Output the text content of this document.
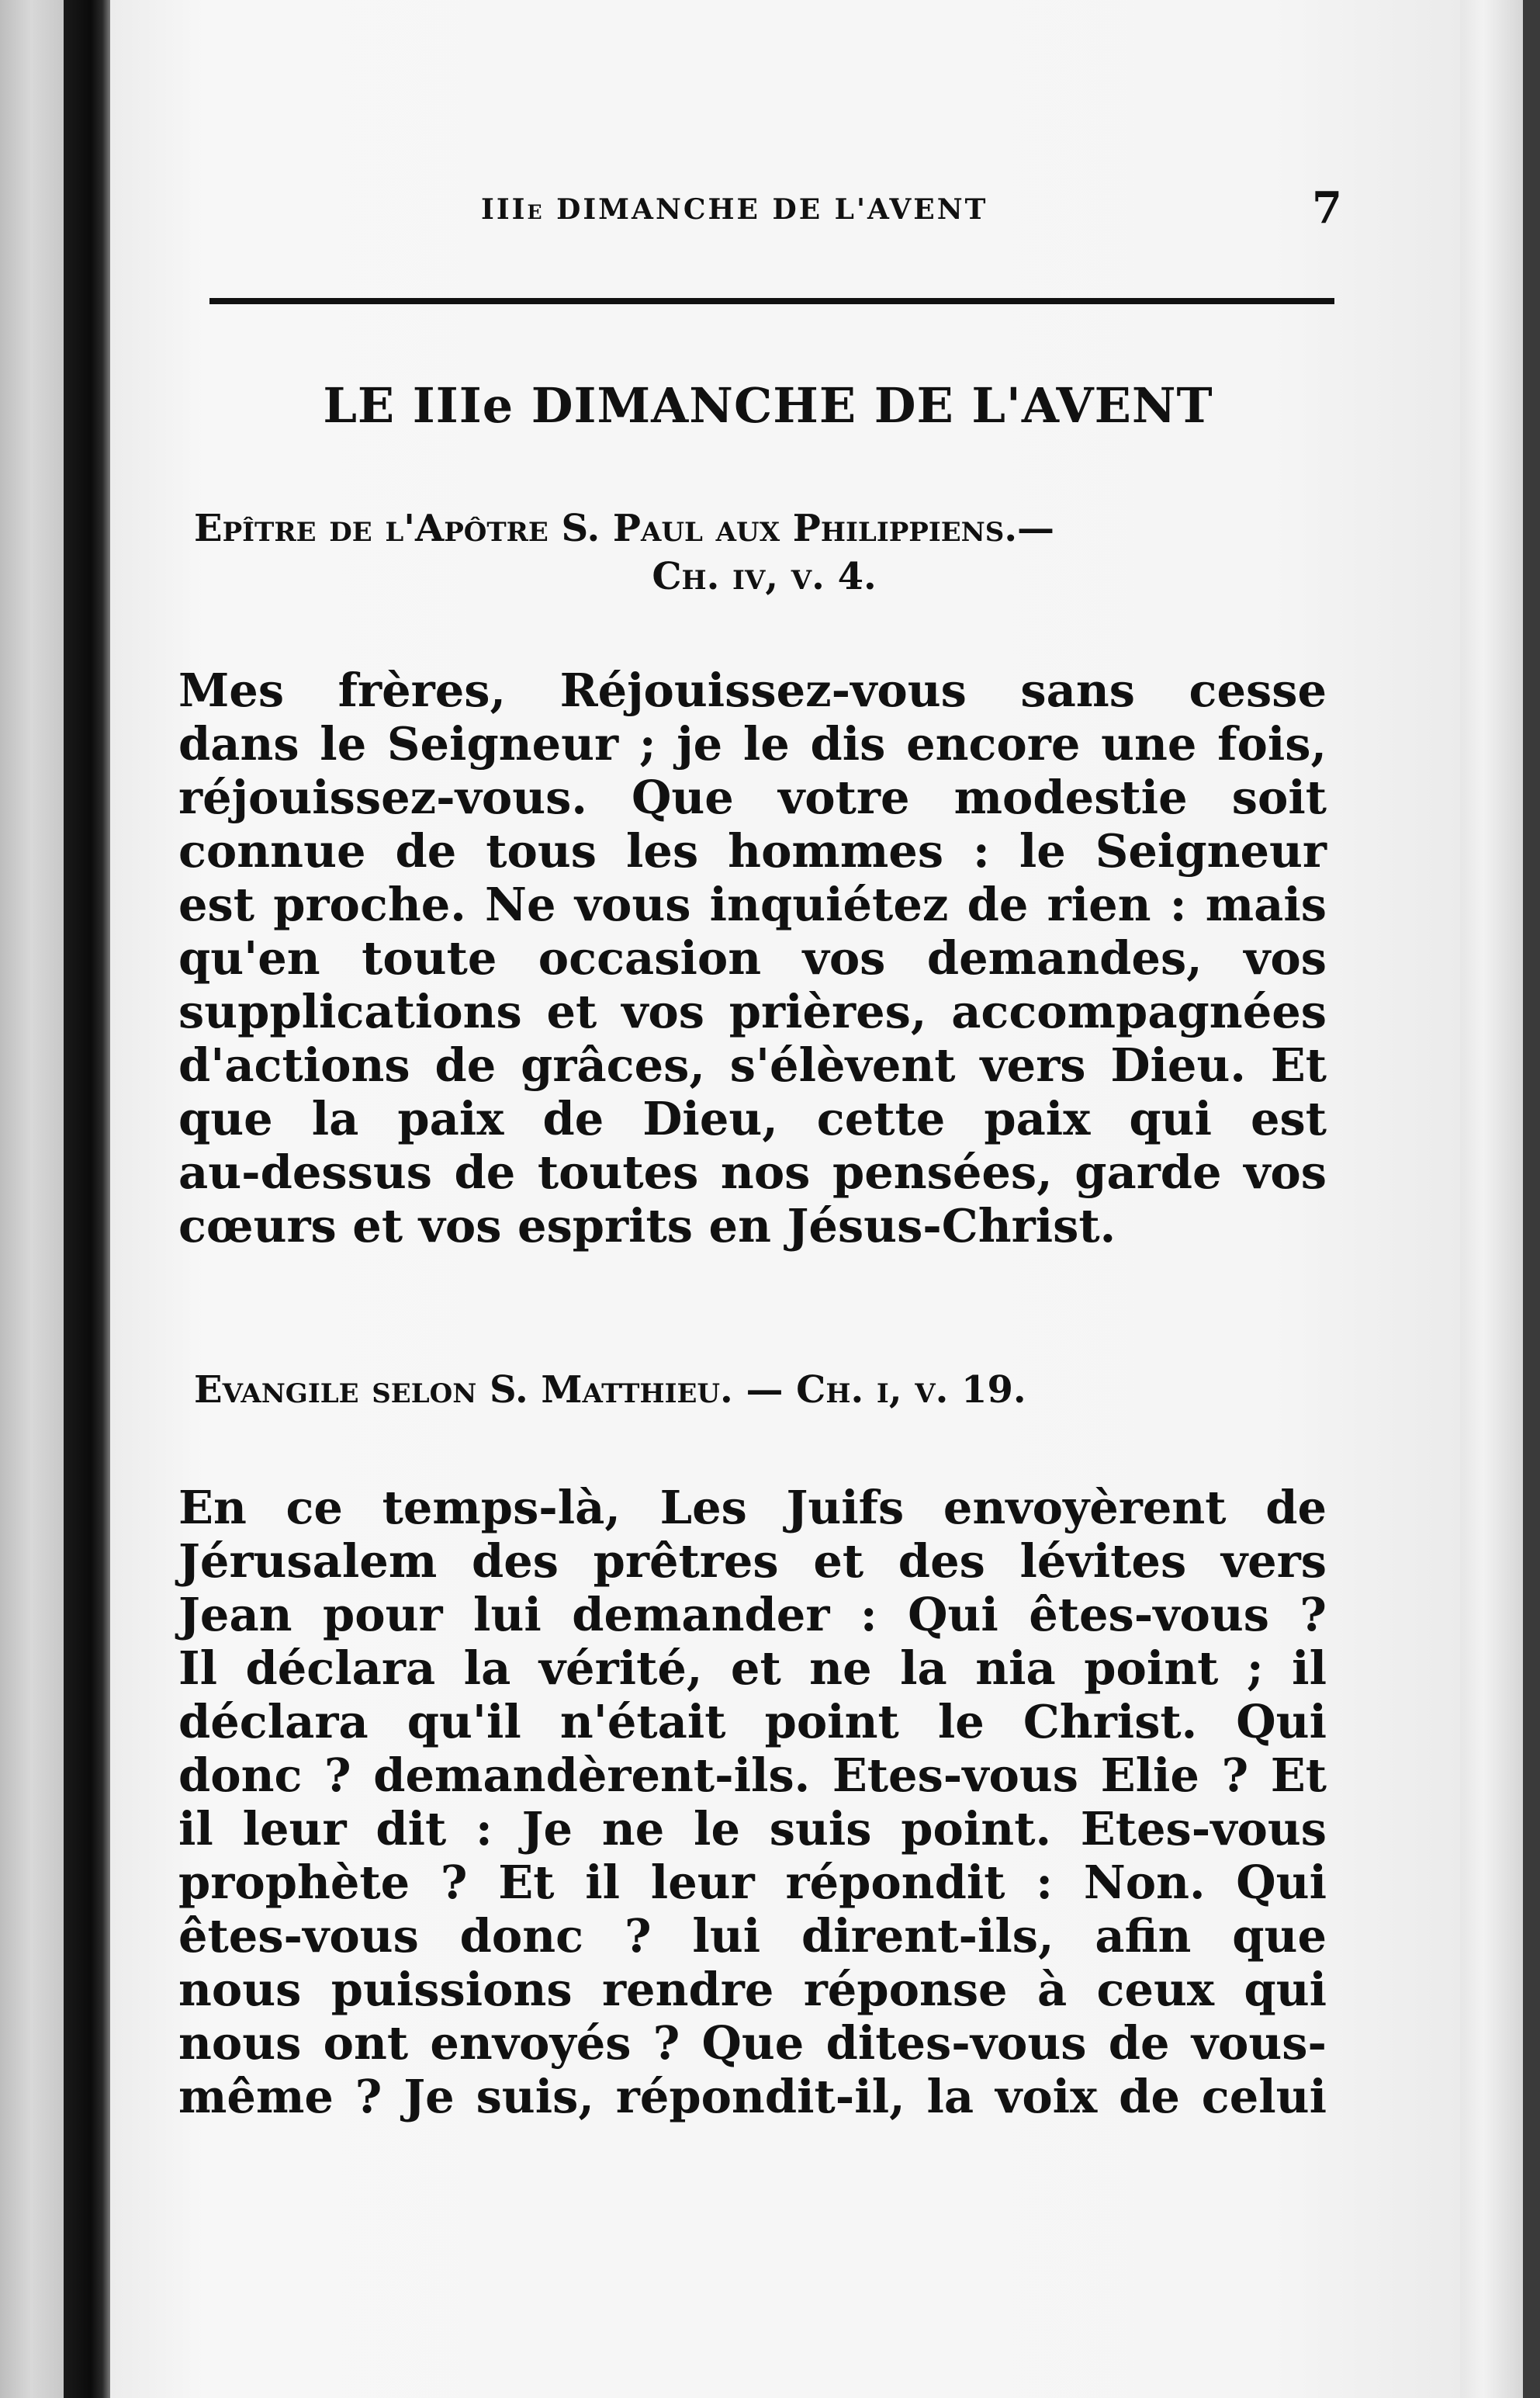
IIIe DIMANCHE DE L'AVENT	7
LE IIIe DIMANCHE DE L'AVENT
Epître de l'Apôtre S. Paul aux Philippiens.—
Ch. iv, v. 4.
Mes frères, Réjouissez-vous sans cesse
dans le Seigneur ; je le dis encore une fois,
réjouissez-vous. Que votre modestie soit
connue de tous les hommes : le Seigneur
est proche. Ne vous inquiétez de rien : mais
qu'en toute occasion vos demandes, vos
supplications et vos prières, accompagnées
d'actions de grâces, s'élèvent vers Dieu. Et
que la paix de Dieu, cette paix qui est
au-dessus de toutes nos pensées, garde vos
cœurs et vos esprits en Jésus-Christ.
Evangile selon S. Matthieu. — Ch. i, v. 19.
En ce temps-là, Les Juifs envoyèrent de
Jérusalem des prêtres et des lévites vers
Jean pour lui demander : Qui êtes-vous ?
Il déclara la vérité, et ne la nia point ; il
déclara qu'il n'était point le Christ. Qui
donc ? demandèrent-ils. Etes-vous Elie ? Et
il leur dit : Je ne le suis point. Etes-vous
prophète ? Et il leur répondit : Non. Qui
êtes-vous donc ? lui dirent-ils, afin que
nous puissions rendre réponse à ceux qui
nous ont envoyés ? Que dites-vous de vous-
même ? Je suis, répondit-il, la voix de celui
